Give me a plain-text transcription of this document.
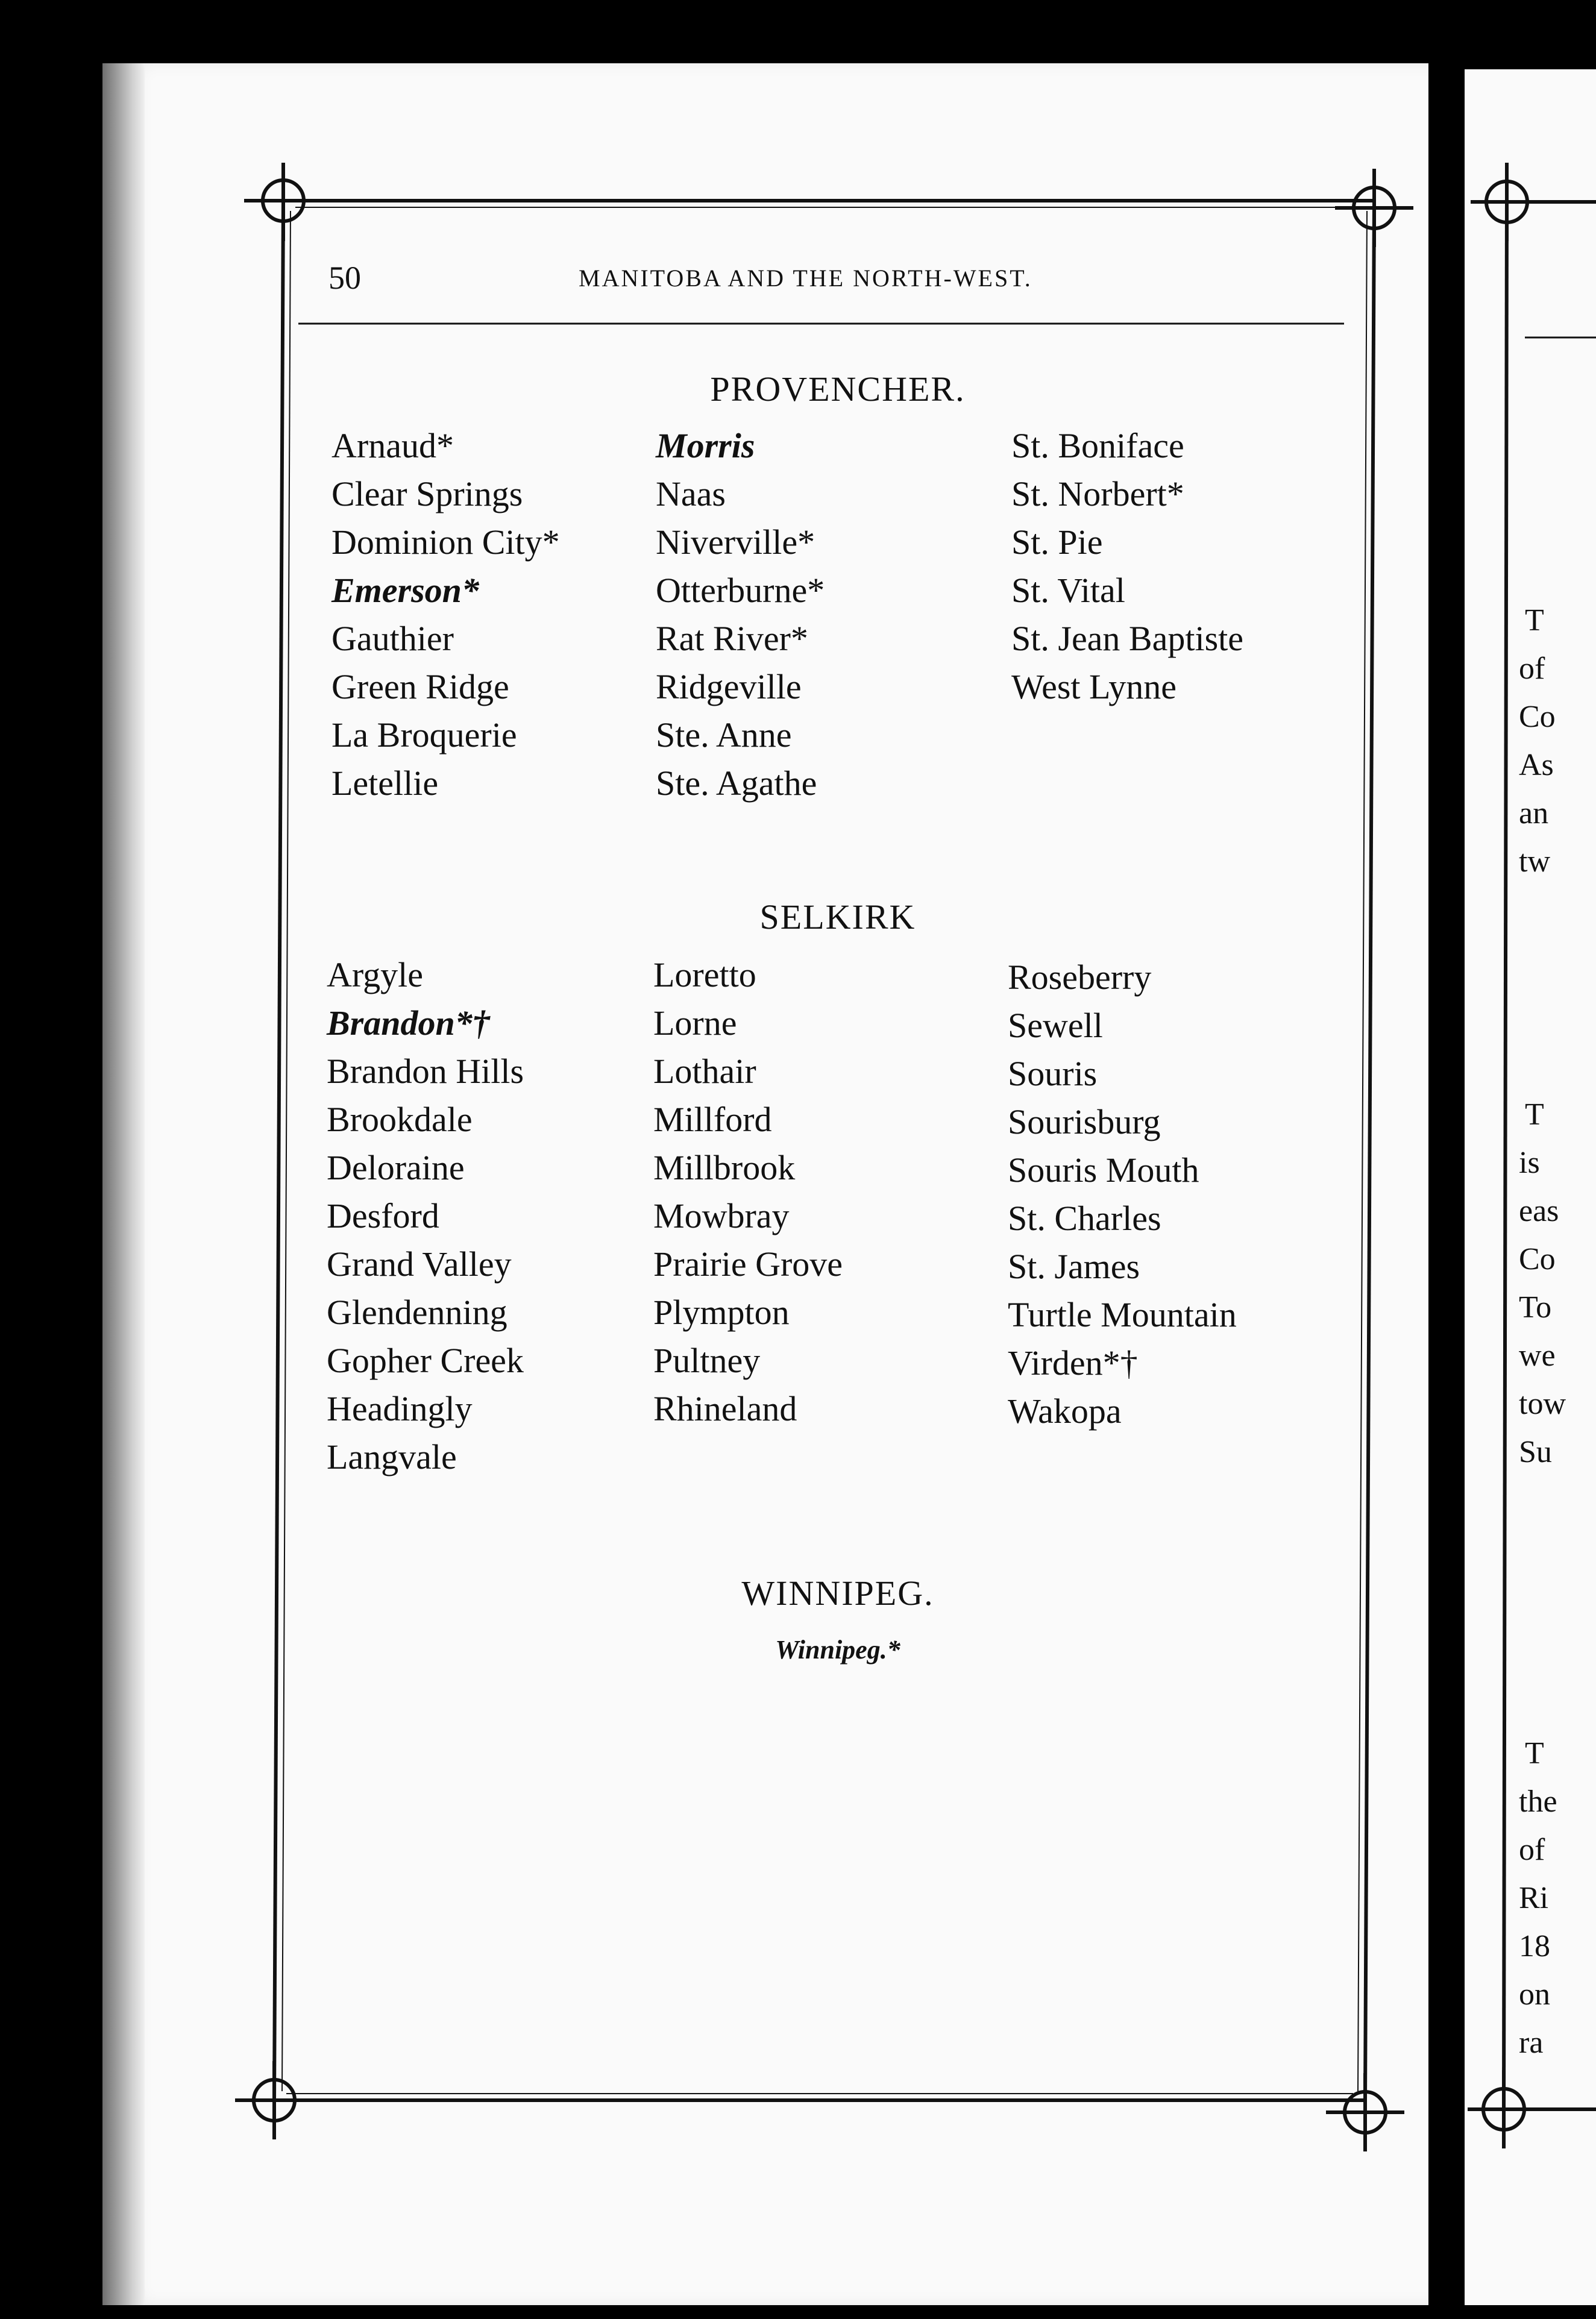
T
of
Co
As
an
tw
T
is
eas
Co
To
we
tow
Su
T
the
of
Ri
18
on
ra
50	MANITOBA AND THE NORTH-WEST.
PROVENCHER.
Arnaud*
Clear Springs
Dominion City*
Emerson*
Gauthier
Green Ridge
La Broquerie
Letellie
Morris
Naas
Niverville*
Otterburne*
Rat River*
Ridgeville
Ste. Anne
Ste. Agathe
St. Boniface
St. Norbert*
St. Pie
St. Vital
St. Jean Baptiste
West Lynne
SELKIRK
Argyle
Brandon*†
Brandon Hills
Brookdale
Deloraine
Desford
Grand Valley
Glendenning
Gopher Creek
Headingly
Langvale
Loretto
Lorne
Lothair
Millford
Millbrook
Mowbray
Prairie Grove
Plympton
Pultney
Rhineland
Roseberry
Sewell
Souris
Sourisburg
Souris Mouth
St. Charles
St. James
Turtle Mountain
Virden*†
Wakopa
WINNIPEG.
Winnipeg.*
